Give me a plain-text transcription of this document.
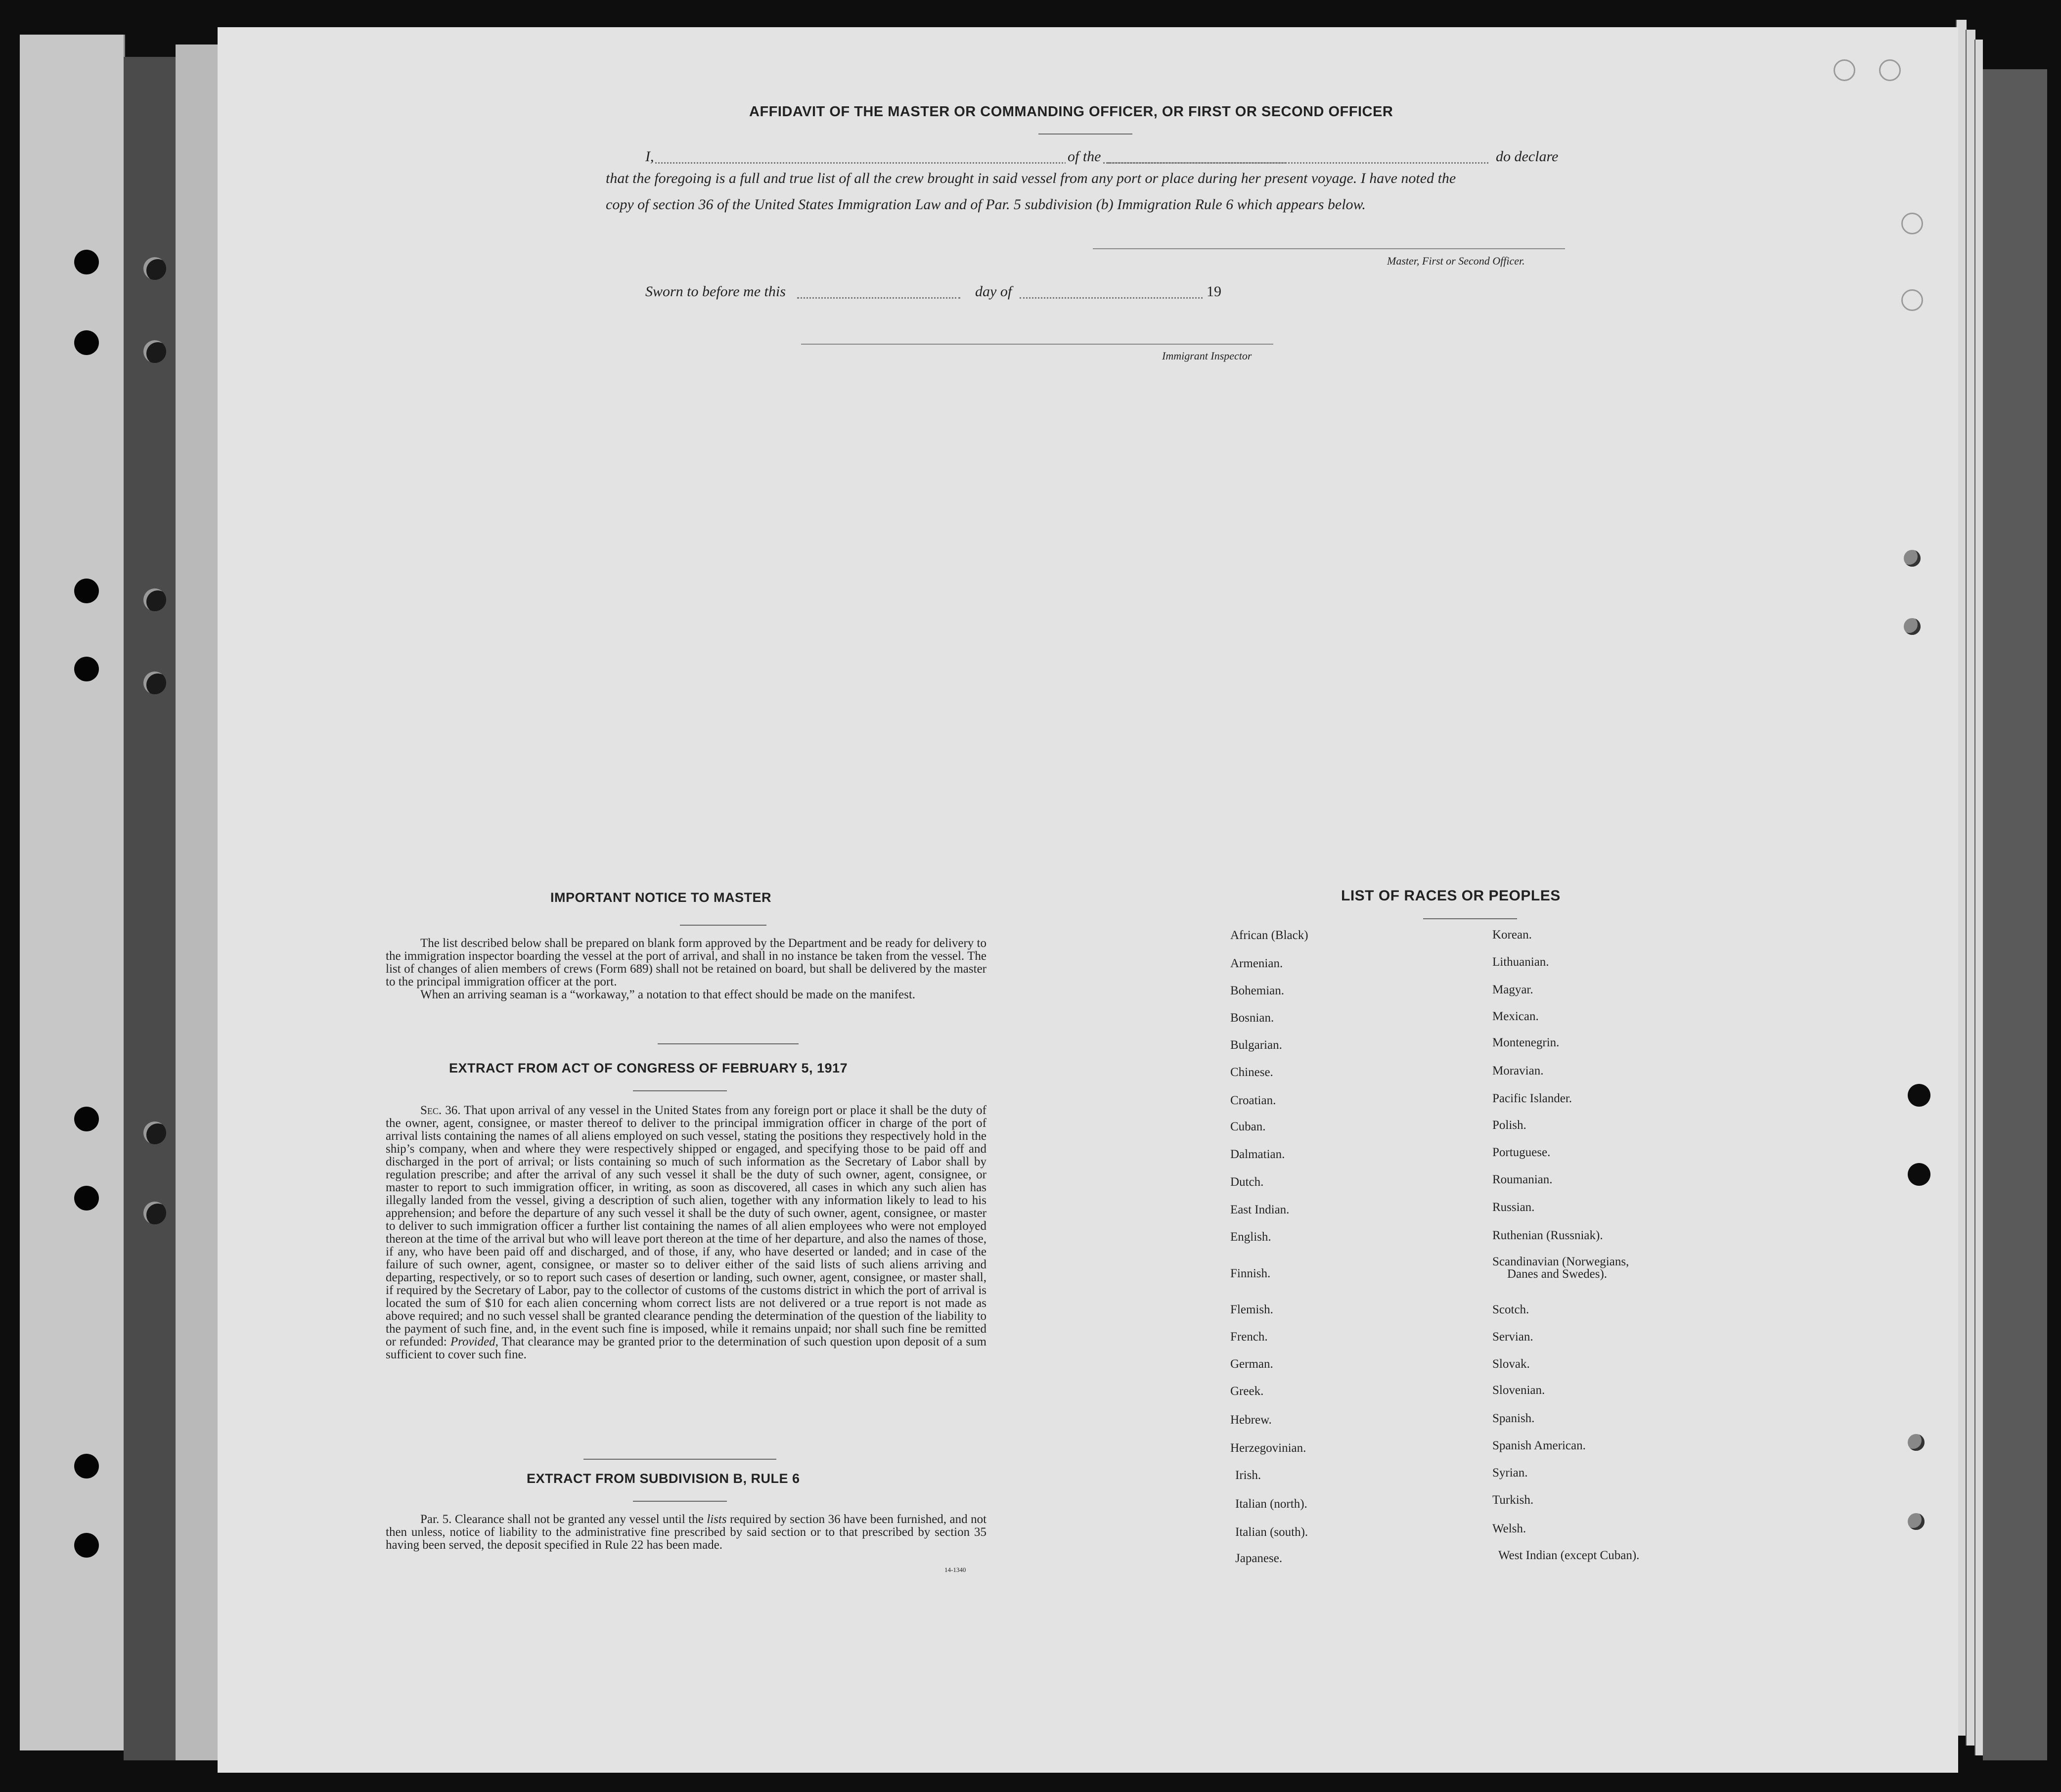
AFFIDAVIT OF THE MASTER OR COMMANDING OFFICER, OR FIRST OR SECOND OFFICER
I,	of the	do declare
that the foregoing is a full and true list of all the crew brought in said vessel from any port or place during her present voyage. I have noted the
copy of section 36 of the United States Immigration Law and of Par. 5 subdivision (b) Immigration Rule 6 which appears below.
Master, First or Second Officer.
Sworn to before me this	day of	19
Immigrant Inspector
IMPORTANT NOTICE TO MASTER

The list described below shall be prepared on blank form approved by the Department and be ready for delivery to the immigration inspector boarding the vessel at the port of arrival, and shall in no instance be taken from the vessel. The list of changes of alien members of crews (Form 689) shall not be retained on board, but shall be delivered by the master to the principal immigration officer at the port.

When an arriving seaman is a “workaway,” a notation to that effect should be made on the manifest.

EXTRACT FROM ACT OF CONGRESS OF FEBRUARY 5, 1917

Sec. 36. That upon arrival of any vessel in the United States from any foreign port or place it shall be the duty of the owner, agent, consignee, or master thereof to deliver to the principal immigration officer in charge of the port of arrival lists containing the names of all aliens employed on such vessel, stating the positions they respectively hold in the ship’s company, when and where they were respectively shipped or engaged, and specifying those to be paid off and discharged in the port of arrival; or lists containing so much of such information as the Secretary of Labor shall by regulation prescribe; and after the arrival of any such vessel it shall be the duty of such owner, agent, consignee, or master to report to such immigration officer, in writing, as soon as discovered, all cases in which any such alien has illegally landed from the vessel, giving a description of such alien, together with any information likely to lead to his apprehension; and before the departure of any such vessel it shall be the duty of such owner, agent, consignee, or master to deliver to such immigration officer a further list containing the names of all alien employees who were not employed thereon at the time of the arrival but who will leave port thereon at the time of her departure, and also the names of those, if any, who have been paid off and discharged, and of those, if any, who have deserted or landed; and in case of the failure of such owner, agent, consignee, or master so to deliver either of the said lists of such aliens arriving and departing, respectively, or so to report such cases of desertion or landing, such owner, agent, consignee, or master shall, if required by the Secretary of Labor, pay to the collector of customs of the customs district in which the port of arrival is located the sum of $10 for each alien concerning whom correct lists are not delivered or a true report is not made as above required; and no such vessel shall be granted clearance pending the determination of the question of the liability to the payment of such fine, and, in the event such fine is imposed, while it remains unpaid; nor shall such fine be remitted or refunded: Provided, That clearance may be granted prior to the determination of such question upon deposit of a sum sufficient to cover such fine.

EXTRACT FROM SUBDIVISION B, RULE 6

Par. 5. Clearance shall not be granted any vessel until the lists required by section 36 have been furnished, and not then unless, notice of liability to the administrative fine prescribed by said section or to that prescribed by section 35 having been served, the deposit specified in Rule 22 has been made.

14-1340
LIST OF RACES OR PEOPLES
African (Black)
Armenian.
Bohemian.
Bosnian.
Bulgarian.
Chinese.
Croatian.
Cuban.
Dalmatian.
Dutch.
East Indian.
English.
Finnish.
Flemish.
French.
German.
Greek.
Hebrew.
Herzegovinian.
Irish.
Italian (north).
Italian (south).
Japanese.
Korean.
Lithuanian.
Magyar.
Mexican.
Montenegrin.
Moravian.
Pacific Islander.
Polish.
Portuguese.
Roumanian.
Russian.
Ruthenian (Russniak).
Scandinavian (Norwegians,
Danes and Swedes).
Scotch.
Servian.
Slovak.
Slovenian.
Spanish.
Spanish American.
Syrian.
Turkish.
Welsh.
West Indian (except Cuban).
